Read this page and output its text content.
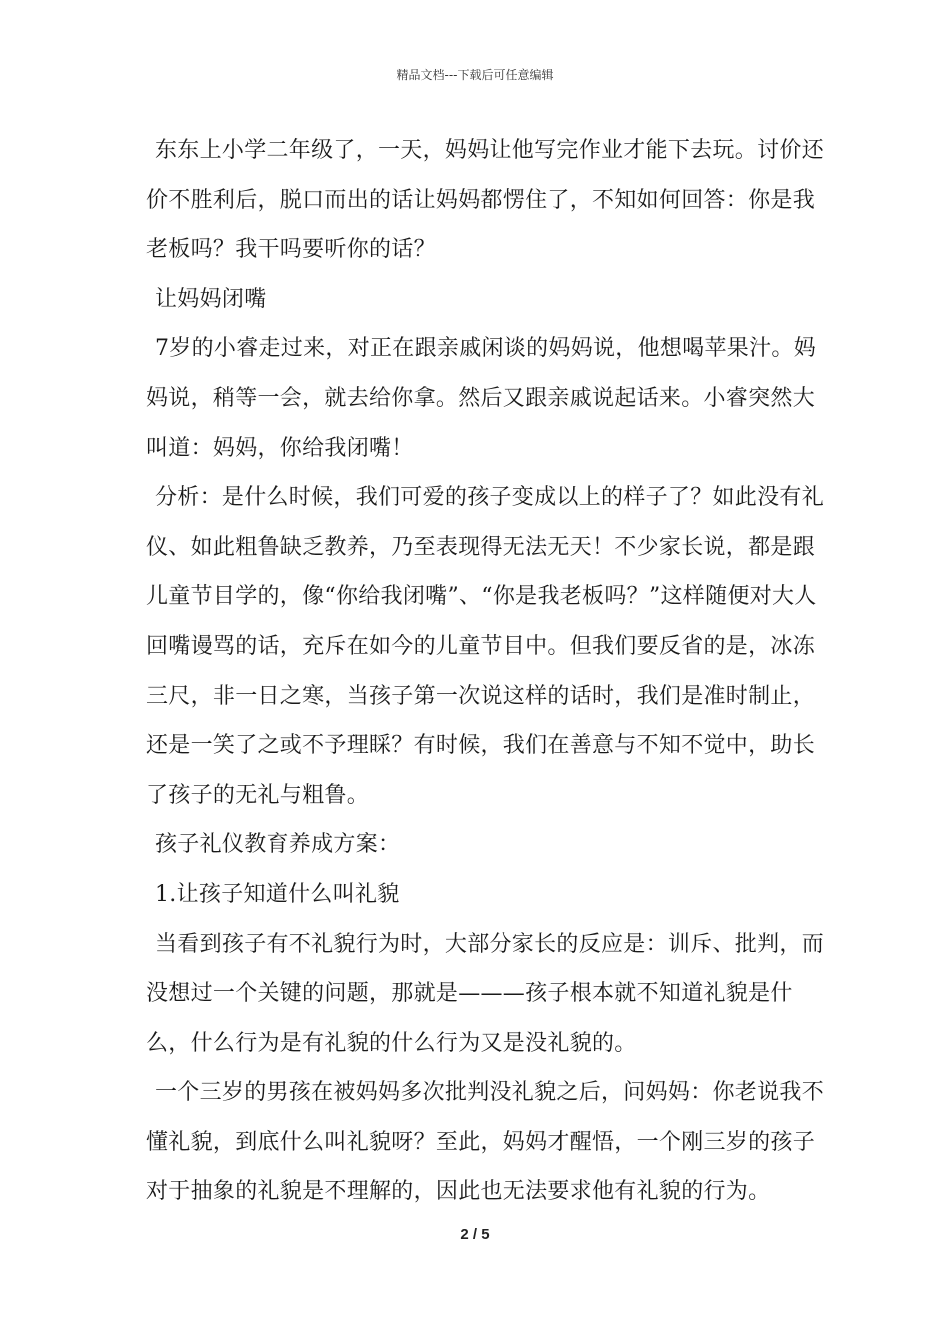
精品文档---下载后可任意编辑

东东上小学二年级了，一天，妈妈让他写完作业才能下去玩。讨价还价不胜利后，脱口而出的话让妈妈都愣住了，不知如何回答：你是我老板吗？我干吗要听你的话？

让妈妈闭嘴

7岁的小睿走过来，对正在跟亲戚闲谈的妈妈说，他想喝苹果汁。妈妈说，稍等一会，就去给你拿。然后又跟亲戚说起话来。小睿突然大叫道：妈妈，你给我闭嘴！

分析：是什么时候，我们可爱的孩子变成以上的样子了？如此没有礼仪、如此粗鲁缺乏教养，乃至表现得无法无天！不少家长说，都是跟儿童节目学的，像“你给我闭嘴”、“你是我老板吗？”这样随便对大人回嘴谩骂的话，充斥在如今的儿童节目中。但我们要反省的是，冰冻三尺，非一日之寒，当孩子第一次说这样的话时，我们是准时制止，还是一笑了之或不予理睬？有时候，我们在善意与不知不觉中，助长了孩子的无礼与粗鲁。

孩子礼仪教育养成方案：

1.让孩子知道什么叫礼貌

当看到孩子有不礼貌行为时，大部分家长的反应是：训斥、批判，而没想过一个关键的问题，那就是———孩子根本就不知道礼貌是什么，什么行为是有礼貌的什么行为又是没礼貌的。

一个三岁的男孩在被妈妈多次批判没礼貌之后，问妈妈：你老说我不懂礼貌，到底什么叫礼貌呀？至此，妈妈才醒悟，一个刚三岁的孩子对于抽象的礼貌是不理解的，因此也无法要求他有礼貌的行为。

2 / 5
